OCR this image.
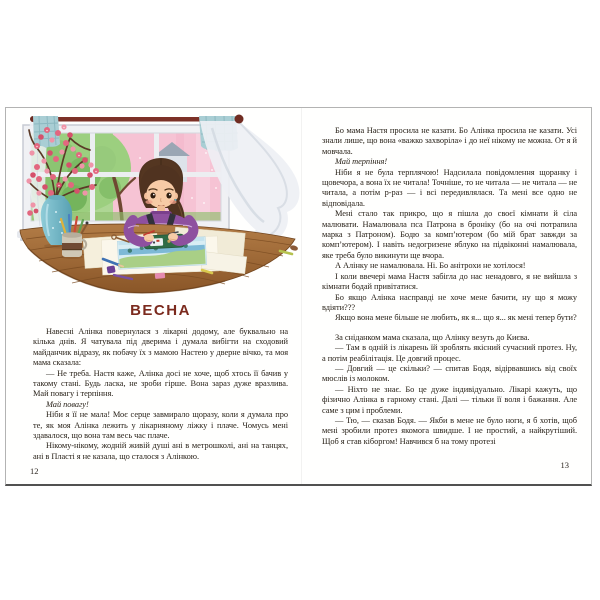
ВЕСНА

Навесні Алінка повернулася з лікарні додому, але буквально на кілька днів. Я чатувала під дверима і думала вибігти на сходовий майданчик відразу, як побачу їх з мамою Настею у дверне вічко, та моя мама сказала:

— Не треба. Настя каже, Алінка досі не хоче, щоб хтось її бачив у такому стані. Будь ласка, не зроби гірше. Вона зараз дуже вразлива. Май повагу і терпіння.

Май повагу!

Ніби я її не мала! Моє серце завмирало щоразу, коли я думала про те, як моя Алінка лежить у лікарняному ліжку і плаче. Чомусь мені здавалося, що вона там весь час плаче.

Нікому-нікому, жодній живій душі ані в метрошколі, ані на танцях, ані в Пласті я не казала, що сталося з Алінкою.

12

Бо мама Настя просила не казати. Бо Алінка просила не казати. Усі знали лише, що вона «важко захворіла» і до неї нікому не можна. От я й мовчала.

Май терпіння!

Ніби я не була терплячою! Надсилала повідомлення щоранку і щовечора, а вона їх не читала! Точніше, то не читала — не читала — не читала, а потім р-раз — і всі передивлялася. Та мені все одно не відповідала.

Мені стало так прикро, що я пішла до своєї кімнати й сіла малювати. Намалювала пса Патрона в броніку (бо на очі потрапила марка з Патроном). Бодю за комп’ютером (бо мій брат завжди за комп’ютером). І навіть недогризене яблуко на підвіконні намалювала, яке треба було викинути ще вчора.

А Алінку не намалювала. Ні. Бо анітрохи не хотілося!

І коли ввечері мама Настя забігла до нас ненадовго, я не вийшла з кімнати бодай привітатися.

Бо якщо Алінка насправді не хоче мене бачити, ну що я можу вдіяти???

Якщо вона мене більше не любить, як я... що я... як мені тепер бути?

За сніданком мама сказала, що Алінку везуть до Києва.

— Там в одній із лікарень їй зроблять якісний сучасний протез. Ну, а потім реабілітація. Це довгий процес.

— Довгий — це скільки? — спитав Бодя, відірвавшись від своїх мюслів із молоком.

— Ніхто не знає. Бо це дуже індивідуально. Лікарі кажуть, що фізично Алінка в гарному стані. Далі — тільки її воля і бажання. Але саме з цим і проблеми.

— Тю, — сказав Бодя. — Якби в мене не було ноги, я б хотів, щоб мені зробили протез якомога швидше. І не простий, а найкрутіший. Щоб я став кіборгом! Навчився б на тому протезі

13
